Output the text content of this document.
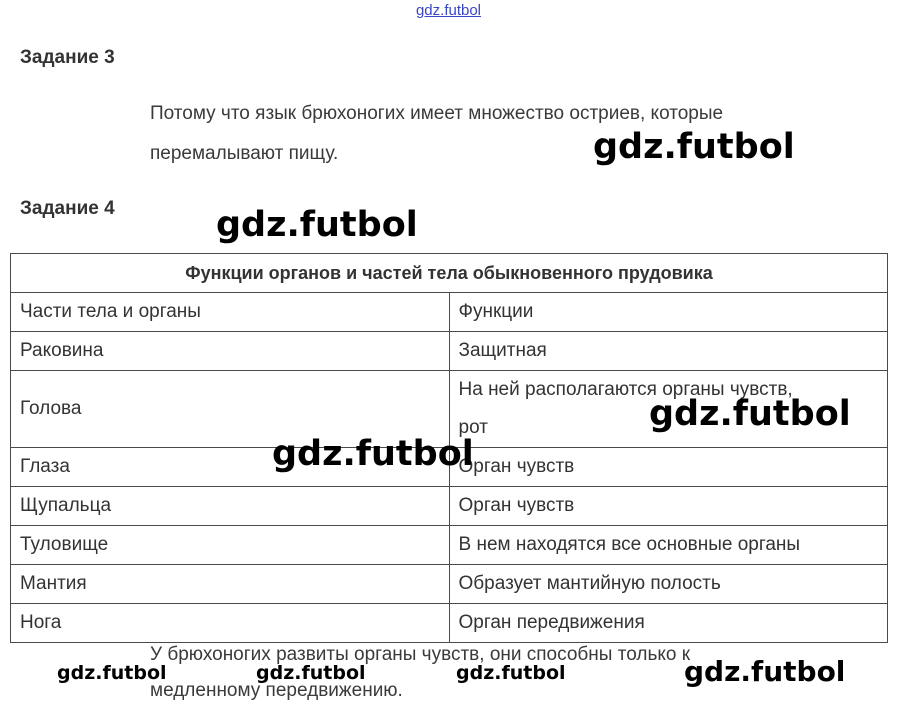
gdz.futbol
Задание 3
Потому что язык брюхоногих имеет множество остриев, которые
перемалывают пищу.
Задание 4
Функции органов и частей тела обыкновенного прудовика	
Части тела и органы	Функции
Раковина	Защитная
Голова	На ней располагаются органы чувств,
рот

Глаза	Орган чувств
Щупальца	Орган чувств
Туловище	В нем находятся все основные органы
Мантия	Образует мантийную полость
Нога	Орган передвижения
У брюхоногих развиты органы чувств, они способны только к
медленному передвижению.
gdz.futbol
gdz.futbol
gdz.futbol
gdz.futbol
gdz.futbol	gdz.futbol	gdz.futbol	gdz.futbol
